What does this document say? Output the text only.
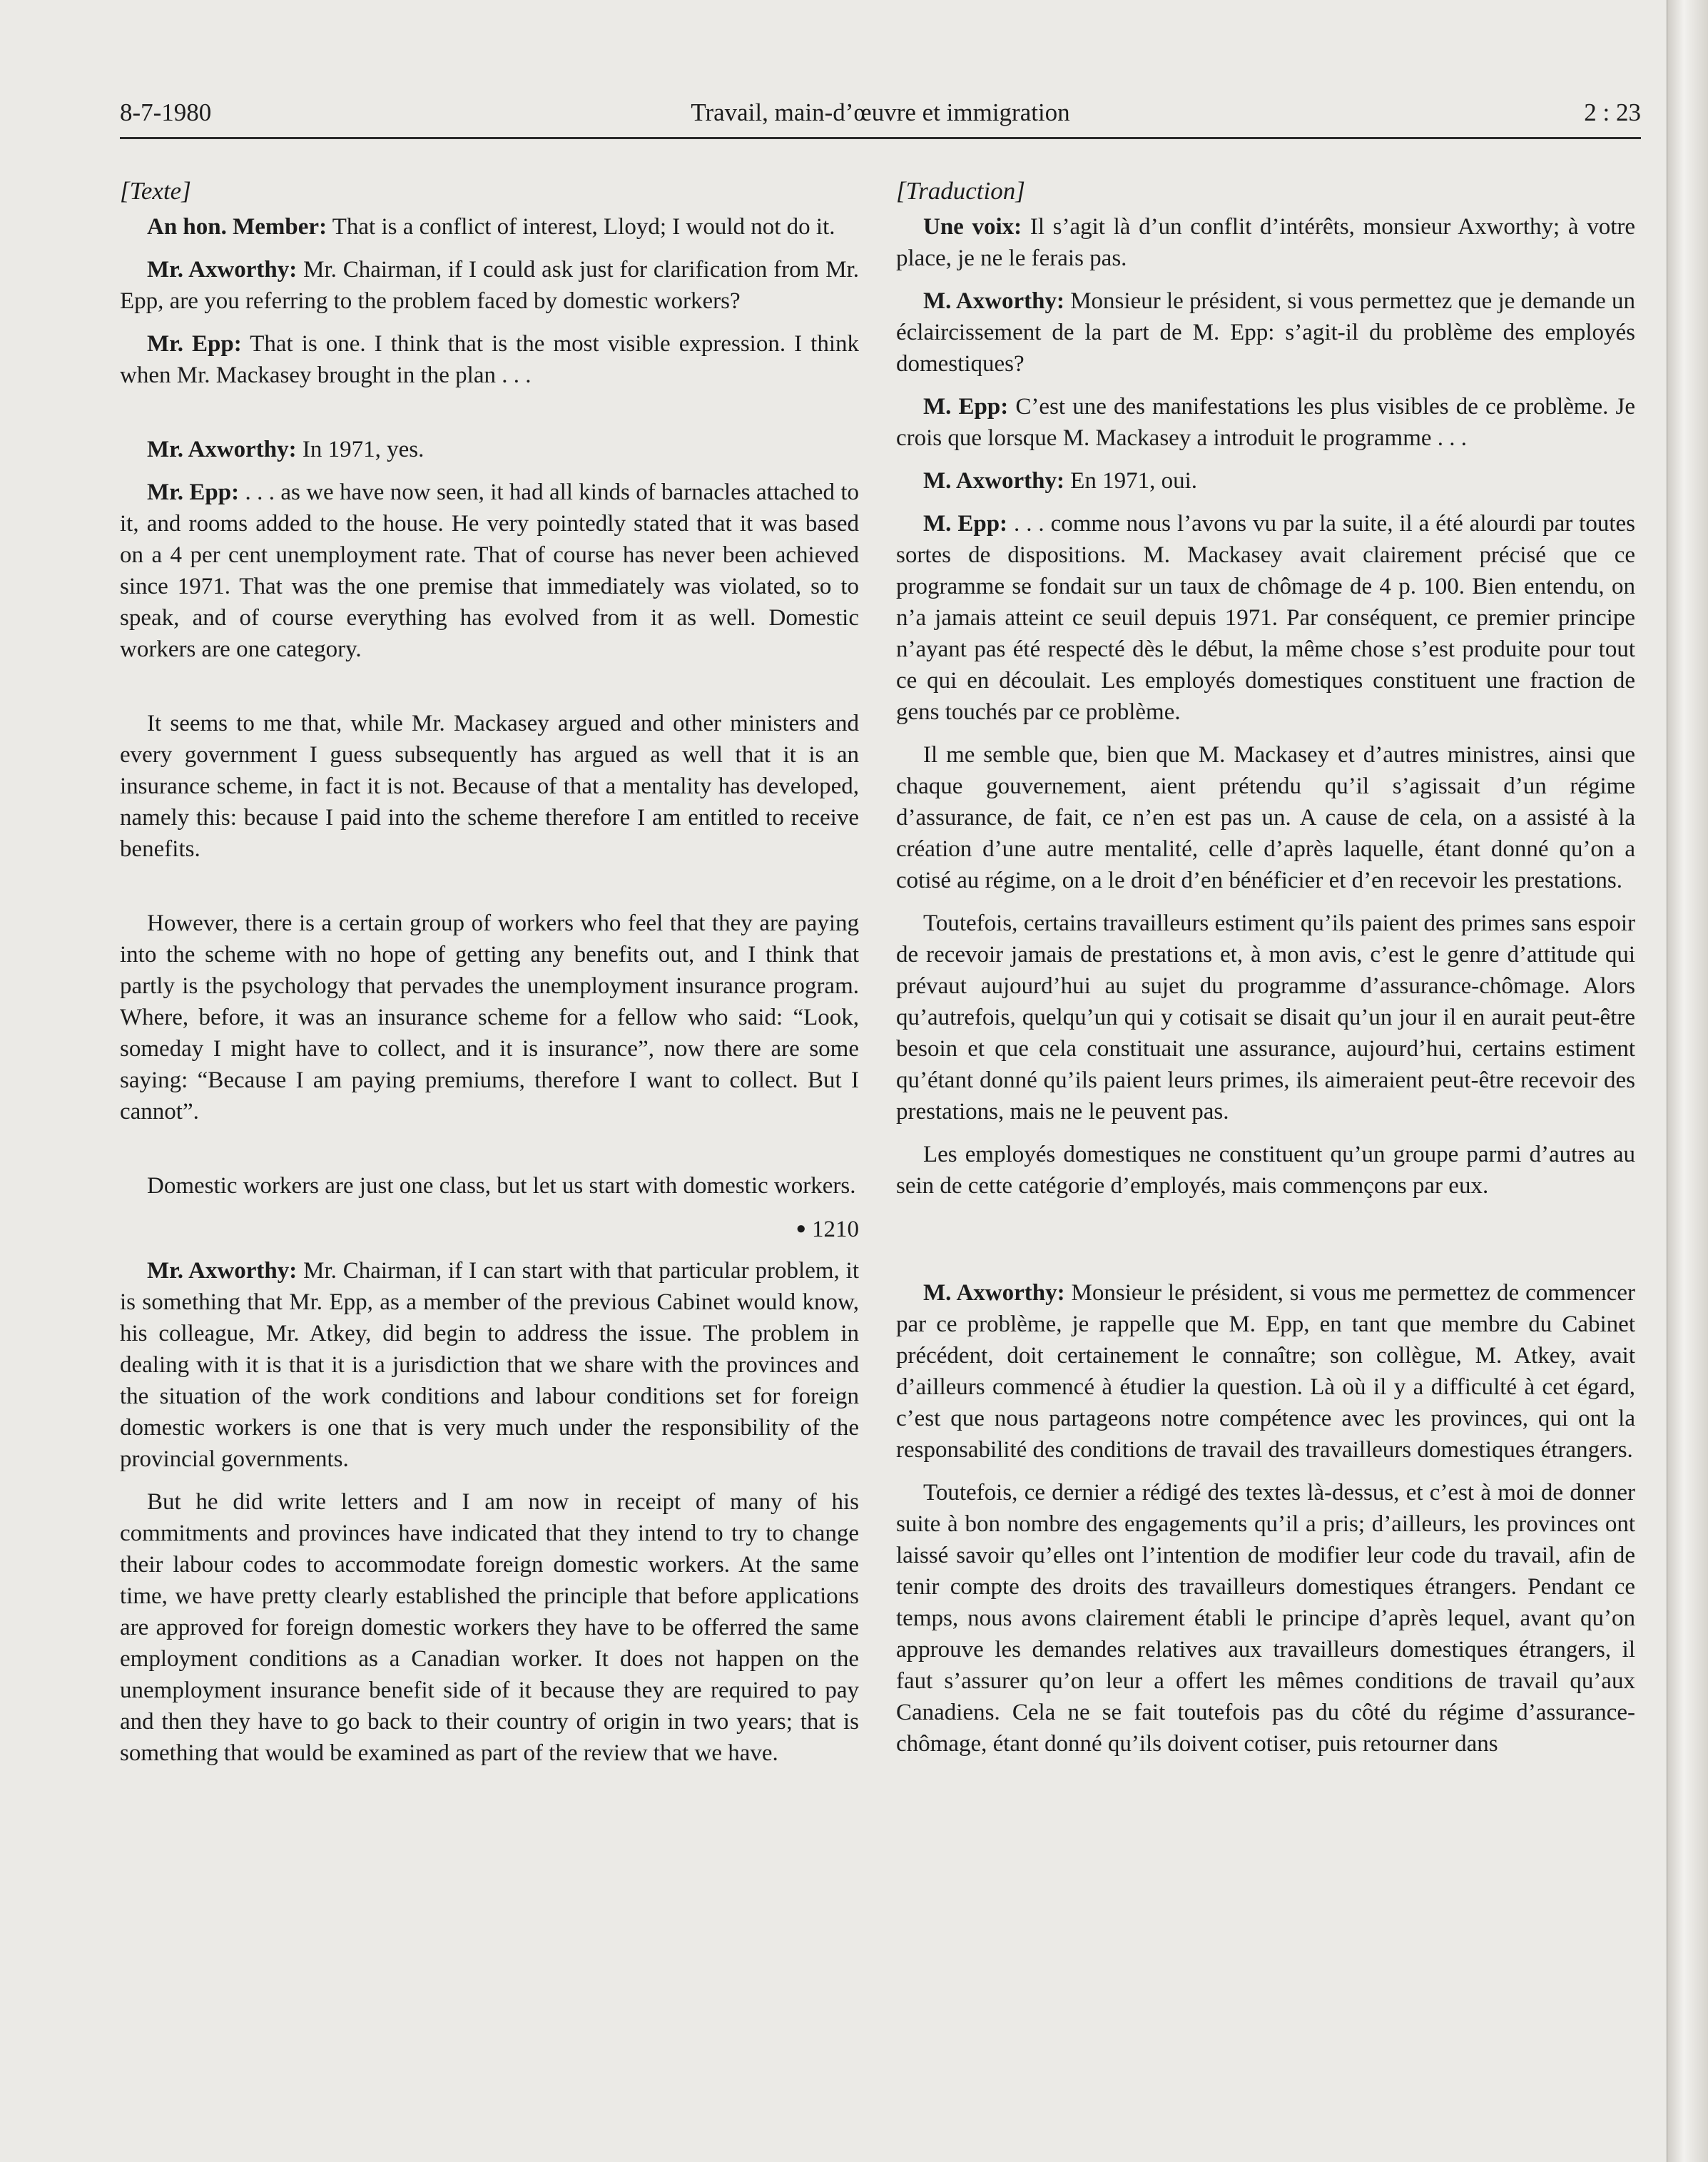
8-7-1980	Travail, main-d’œuvre et immigration	2 : 23
[Texte]

An hon. Member: That is a conflict of interest, Lloyd; I would not do it.

Mr. Axworthy: Mr. Chairman, if I could ask just for clarification from Mr. Epp, are you referring to the problem faced by domestic workers?

Mr. Epp: That is one. I think that is the most visible expression. I think when Mr. Mackasey brought in the plan . . .

Mr. Axworthy: In 1971, yes.

Mr. Epp: . . . as we have now seen, it had all kinds of barnacles attached to it, and rooms added to the house. He very pointedly stated that it was based on a 4 per cent unemployment rate. That of course has never been achieved since 1971. That was the one premise that immediately was violated, so to speak, and of course everything has evolved from it as well. Domestic workers are one category.

It seems to me that, while Mr. Mackasey argued and other ministers and every government I guess subsequently has argued as well that it is an insurance scheme, in fact it is not. Because of that a mentality has developed, namely this: because I paid into the scheme therefore I am entitled to receive benefits.

However, there is a certain group of workers who feel that they are paying into the scheme with no hope of getting any benefits out, and I think that partly is the psychology that pervades the unemployment insurance program. Where, before, it was an insurance scheme for a fellow who said: “Look, someday I might have to collect, and it is insurance”, now there are some saying: “Because I am paying premiums, therefore I want to collect. But I cannot”.

Domestic workers are just one class, but let us start with domestic workers.

● 1210

Mr. Axworthy: Mr. Chairman, if I can start with that particular problem, it is something that Mr. Epp, as a member of the previous Cabinet would know, his colleague, Mr. Atkey, did begin to address the issue. The problem in dealing with it is that it is a jurisdiction that we share with the provinces and the situation of the work conditions and labour conditions set for foreign domestic workers is one that is very much under the responsibility of the provincial governments.

But he did write letters and I am now in receipt of many of his commitments and provinces have indicated that they intend to try to change their labour codes to accommodate foreign domestic workers. At the same time, we have pretty clearly established the principle that before applications are approved for foreign domestic workers they have to be offerred the same employment conditions as a Canadian worker. It does not happen on the unemployment insurance benefit side of it because they are required to pay and then they have to go back to their country of origin in two years; that is something that would be examined as part of the review that we have.

[Traduction]

Une voix: Il s’agit là d’un conflit d’intérêts, monsieur Axworthy; à votre place, je ne le ferais pas.

M. Axworthy: Monsieur le président, si vous permettez que je demande un éclaircissement de la part de M. Epp: s’agit-il du problème des employés domestiques?

M. Epp: C’est une des manifestations les plus visibles de ce problème. Je crois que lorsque M. Mackasey a introduit le programme . . .

M. Axworthy: En 1971, oui.

M. Epp: . . . comme nous l’avons vu par la suite, il a été alourdi par toutes sortes de dispositions. M. Mackasey avait clairement précisé que ce programme se fondait sur un taux de chômage de 4 p. 100. Bien entendu, on n’a jamais atteint ce seuil depuis 1971. Par conséquent, ce premier principe n’ayant pas été respecté dès le début, la même chose s’est produite pour tout ce qui en découlait. Les employés domestiques constituent une fraction de gens touchés par ce problème.

Il me semble que, bien que M. Mackasey et d’autres ministres, ainsi que chaque gouvernement, aient prétendu qu’il s’agissait d’un régime d’assurance, de fait, ce n’en est pas un. A cause de cela, on a assisté à la création d’une autre mentalité, celle d’après laquelle, étant donné qu’on a cotisé au régime, on a le droit d’en bénéficier et d’en recevoir les prestations.

Toutefois, certains travailleurs estiment qu’ils paient des primes sans espoir de recevoir jamais de prestations et, à mon avis, c’est le genre d’attitude qui prévaut aujourd’hui au sujet du programme d’assurance-chômage. Alors qu’autrefois, quelqu’un qui y cotisait se disait qu’un jour il en aurait peut-être besoin et que cela constituait une assurance, aujourd’hui, certains estiment qu’étant donné qu’ils paient leurs primes, ils aimeraient peut-être recevoir des prestations, mais ne le peuvent pas.

Les employés domestiques ne constituent qu’un groupe parmi d’autres au sein de cette catégorie d’employés, mais commençons par eux.

M. Axworthy: Monsieur le président, si vous me permettez de commencer par ce problème, je rappelle que M. Epp, en tant que membre du Cabinet précédent, doit certainement le connaître; son collègue, M. Atkey, avait d’ailleurs commencé à étudier la question. Là où il y a difficulté à cet égard, c’est que nous partageons notre compétence avec les provinces, qui ont la responsabilité des conditions de travail des travailleurs domestiques étrangers.

Toutefois, ce dernier a rédigé des textes là-dessus, et c’est à moi de donner suite à bon nombre des engagements qu’il a pris; d’ailleurs, les provinces ont laissé savoir qu’elles ont l’intention de modifier leur code du travail, afin de tenir compte des droits des travailleurs domestiques étrangers. Pendant ce temps, nous avons clairement établi le principe d’après lequel, avant qu’on approuve les demandes relatives aux travailleurs domestiques étrangers, il faut s’assurer qu’on leur a offert les mêmes conditions de travail qu’aux Canadiens. Cela ne se fait toutefois pas du côté du régime d’assurance-chômage, étant donné qu’ils doivent cotiser, puis retourner dans
